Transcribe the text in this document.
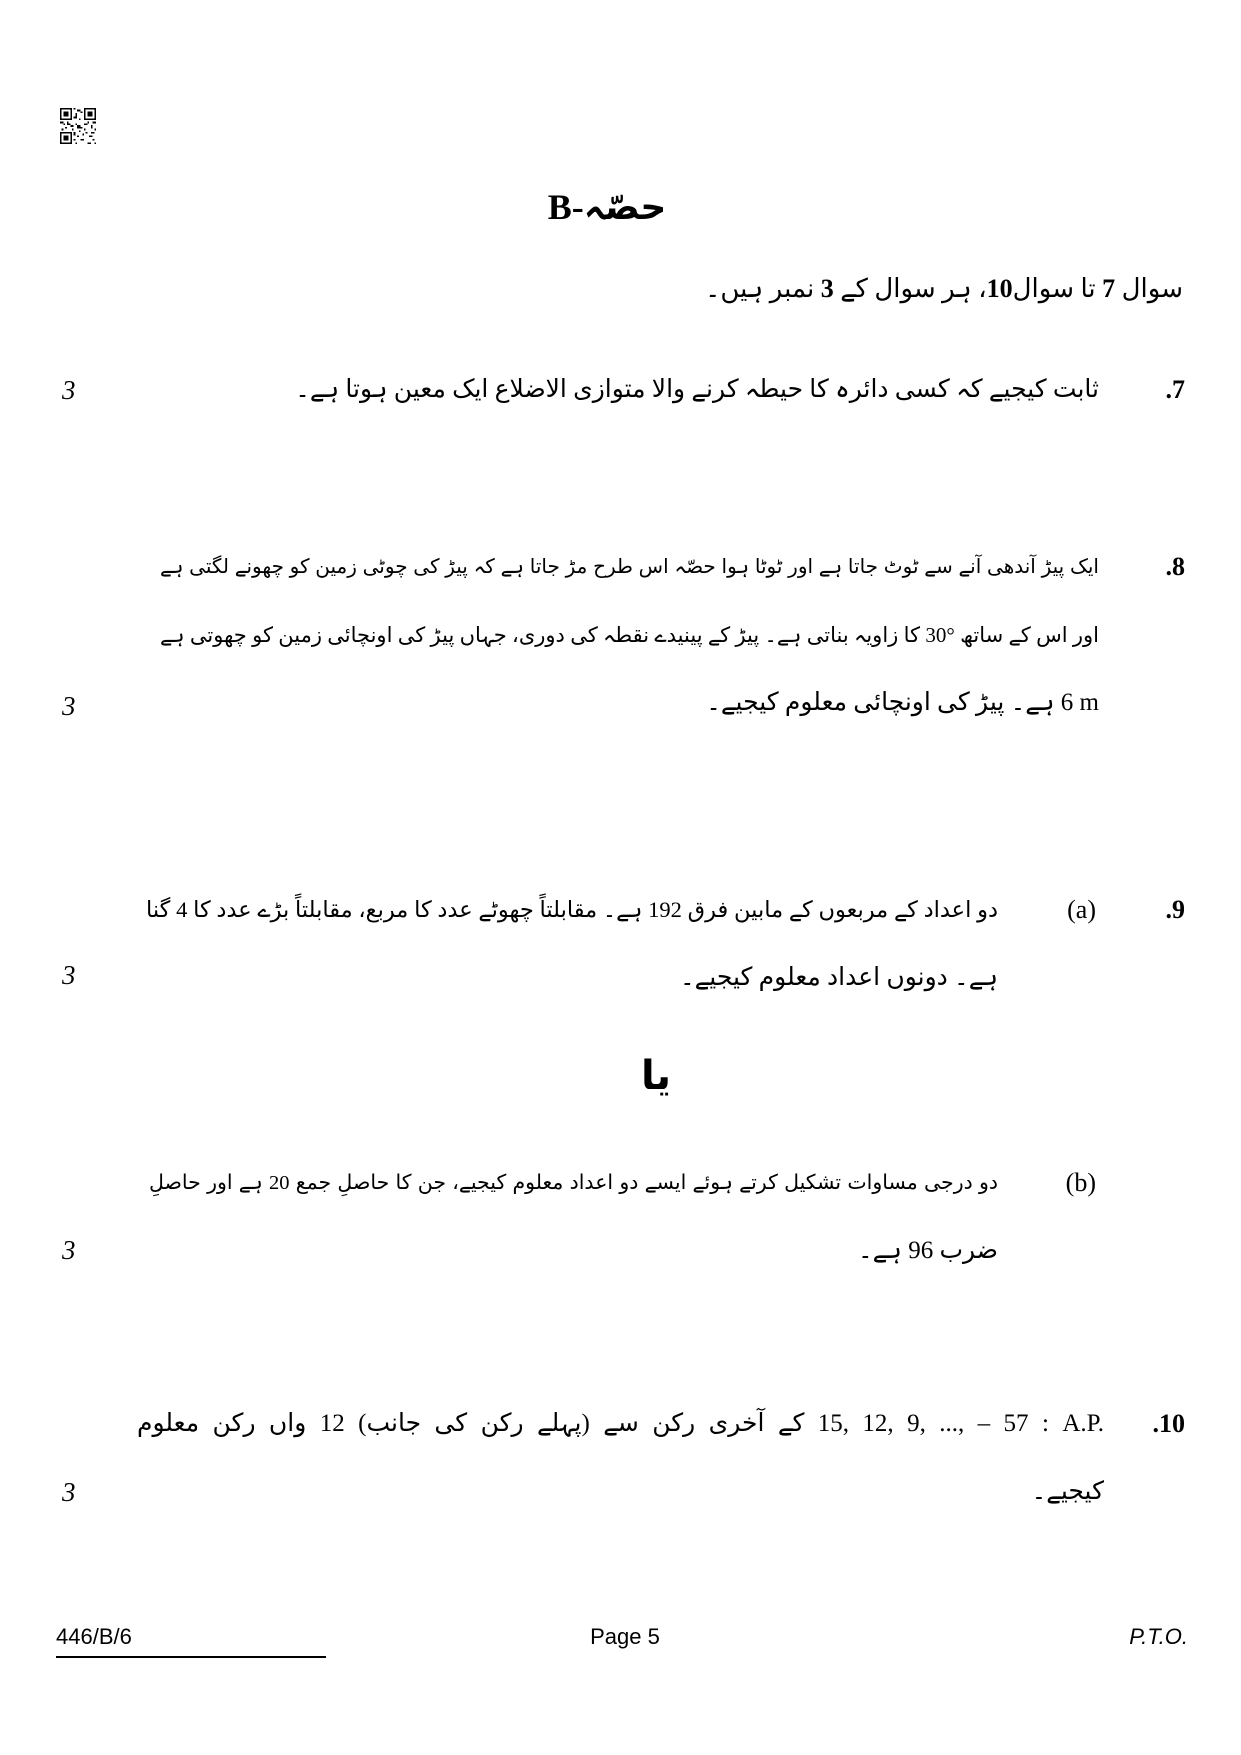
حصّہ-B
سوال 7 تا سوال10، ہر سوال کے 3 نمبر ہیں۔
7.
ثابت کیجیے کہ کسی دائرہ کا حیطہ کرنے والا متوازی الاضلاع ایک معین ہوتا ہے۔
3
8.
ایک پیڑ آندھی آنے سے ٹوٹ جاتا ہے اور ٹوٹا ہوا حصّہ اس طرح مڑ جاتا ہے کہ پیڑ کی چوٹی زمین کو چھونے لگتی ہے
اور اس کے ساتھ 30° کا زاویہ بناتی ہے۔ پیڑ کے پینیدے نقطہ کی دوری، جہاں پیڑ کی اونچائی زمین کو چھوتی ہے
6 m ہے۔ پیڑ کی اونچائی معلوم کیجیے۔
3
9.
(a)
دو اعداد کے مربعوں کے مابین فرق 192 ہے۔ مقابلتاً چھوٹے عدد کا مربع، مقابلتاً بڑے عدد کا 4 گنا
ہے۔ دونوں اعداد معلوم کیجیے۔
3
یا
(b)
دو درجی مساوات تشکیل کرتے ہوئے ایسے دو اعداد معلوم کیجیے، جن کا حاصلِ جمع 20 ہے اور حاصلِ
ضرب 96 ہے۔
3
10.
A.P. : 15, 12, 9, ..., – 57 کے آخری رکن سے (پہلے رکن کی جانب) 12 واں رکن معلوم
کیجیے۔
3
446/B/6	Page 5	P.T.O.
